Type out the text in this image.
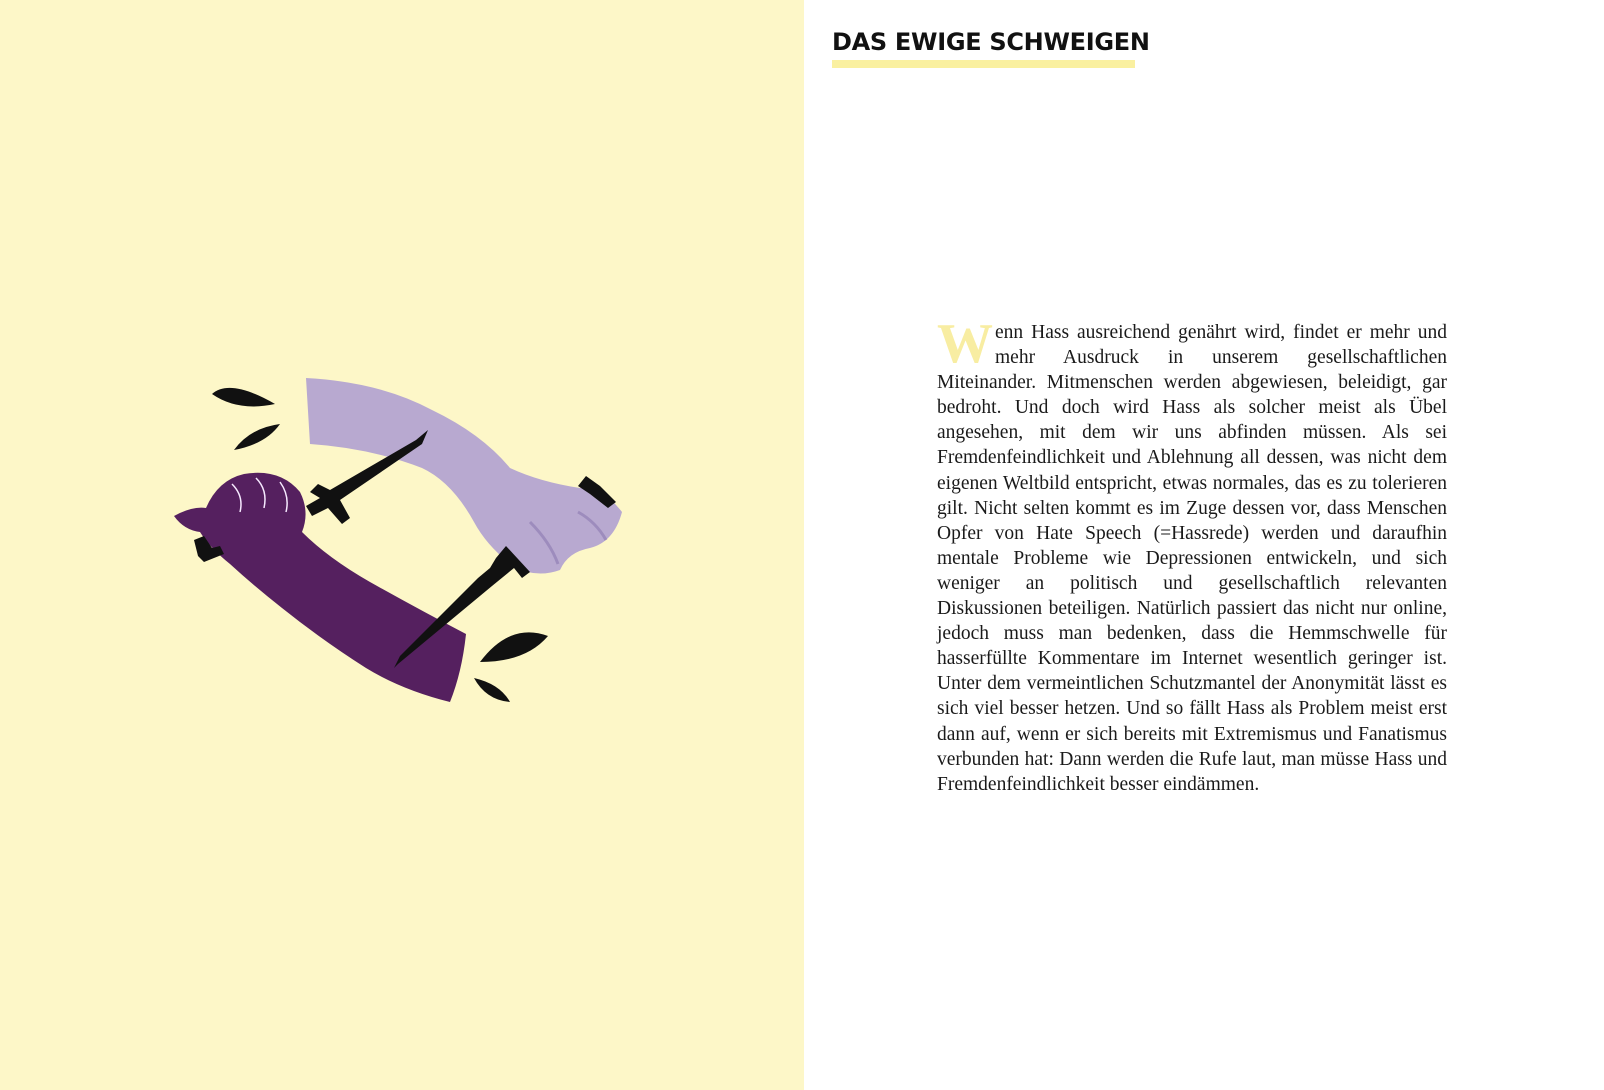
DAS EWIGE SCHWEIGEN

Wenn Hass ausreichend genährt wird, findet er mehr und mehr Ausdruck in unserem gesellschaftlichen Miteinander. Mitmenschen werden abgewiesen, beleidigt, gar bedroht. Und doch wird Hass als solcher meist als Übel angesehen, mit dem wir uns abfinden müssen. Als sei Fremdenfeindlichkeit und Ablehnung all dessen, was nicht dem eigenen Weltbild entspricht, etwas normales, das es zu tolerieren gilt. Nicht selten kommt es im Zuge dessen vor, dass Menschen Opfer von Hate Speech (=Hassrede) werden und daraufhin mentale Probleme wie Depressionen entwickeln, und sich weniger an politisch und gesellschaftlich relevanten Diskussionen beteiligen. Natürlich passiert das nicht nur online, jedoch muss man bedenken, dass die Hemmschwelle für hasserfüllte Kommentare im Internet wesentlich geringer ist. Unter dem vermeintlichen Schutzmantel der Anonymität lässt es sich viel besser hetzen. Und so fällt Hass als Problem meist erst dann auf, wenn er sich bereits mit Extremismus und Fanatismus verbunden hat: Dann werden die Rufe laut, man müsse Hass und Fremdenfeindlichkeit besser eindämmen.
